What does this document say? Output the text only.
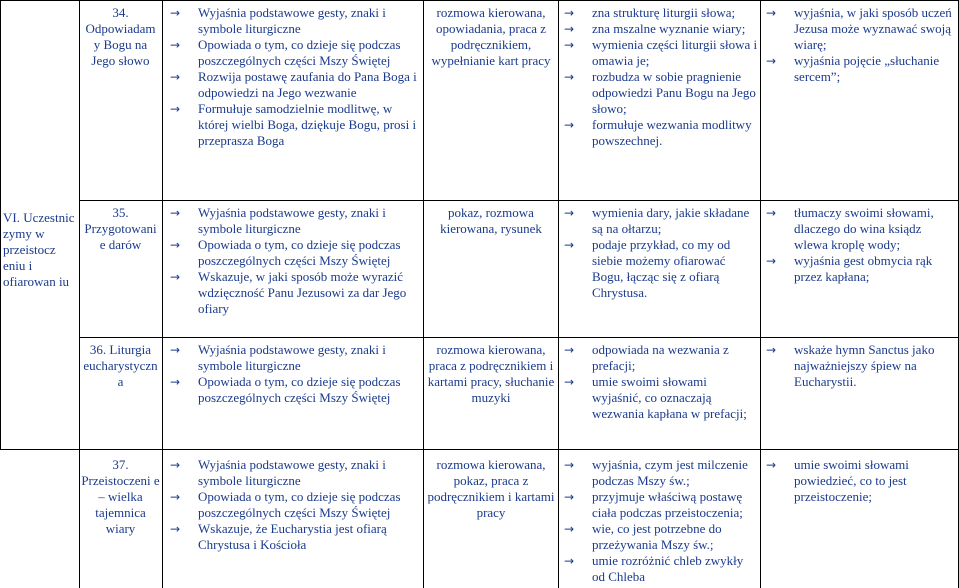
VI. Uczestnic zymy w przeistocz eniu i ofiarowan iu
34. Odpowiadam y Bogu na Jego słowo
→ Wyjaśnia podstawowe gesty, znaki i symbole liturgiczne
→ Opowiada o tym, co dzieje się podczas poszczególnych części Mszy Świętej
→ Rozwija postawę zaufania do Pana Boga i odpowiedzi na Jego wezwanie
→ Formułuje samodzielnie modlitwę, w której wielbi Boga, dziękuje Bogu, prosi i przeprasza Boga
rozmowa kierowana, opowiadania, praca z podręcznikiem, wypełnianie kart pracy
→ zna strukturę liturgii słowa;
→ zna mszalne wyznanie wiary;
→ wymienia części liturgii słowa i omawia je;
→ rozbudza w sobie pragnienie odpowiedzi Panu Bogu na Jego słowo;
→ formułuje wezwania modlitwy powszechnej.
→ wyjaśnia, w jaki sposób uczeń Jezusa może wyznawać swoją wiarę;
→ wyjaśnia pojęcie „słuchanie sercem”;
35. Przygotowani e darów
→ Wyjaśnia podstawowe gesty, znaki i symbole liturgiczne
→ Opowiada o tym, co dzieje się podczas poszczególnych części Mszy Świętej
→ Wskazuje, w jaki sposób może wyrazić wdzięczność Panu Jezusowi za dar Jego ofiary
pokaz, rozmowa kierowana, rysunek
→ wymienia dary, jakie składane są na ołtarzu;
→ podaje przykład, co my od siebie możemy ofiarować Bogu, łącząc się z ofiarą Chrystusa.
→ tłumaczy swoimi słowami, dlaczego do wina ksiądz wlewa kroplę wody;
→ wyjaśnia gest obmycia rąk przez kapłana;
36. Liturgia eucharystyczn a
→ Wyjaśnia podstawowe gesty, znaki i symbole liturgiczne
→ Opowiada o tym, co dzieje się podczas poszczególnych części Mszy Świętej
rozmowa kierowana, praca z podręcznikiem i kartami pracy, słuchanie muzyki
→ odpowiada na wezwania z prefacji;
→ umie swoimi słowami wyjaśnić, co oznaczają wezwania kapłana w prefacji;
→ wskaże hymn Sanctus jako najważniejszy śpiew na Eucharystii.
37. Przeistoczeni e – wielka tajemnica wiary
→ Wyjaśnia podstawowe gesty, znaki i symbole liturgiczne
→ Opowiada o tym, co dzieje się podczas poszczególnych części Mszy Świętej
→ Wskazuje, że Eucharystia jest ofiarą Chrystusa i Kościoła
rozmowa kierowana, pokaz, praca z podręcznikiem i kartami pracy
→ wyjaśnia, czym jest milczenie podczas Mszy św.;
→ przyjmuje właściwą postawę ciała podczas przeistoczenia;
→ wie, co jest potrzebne do przeżywania Mszy św.;
→ umie rozróżnić chleb zwykły od Chleba
→ umie swoimi słowami powiedzieć, co to jest przeistoczenie;
